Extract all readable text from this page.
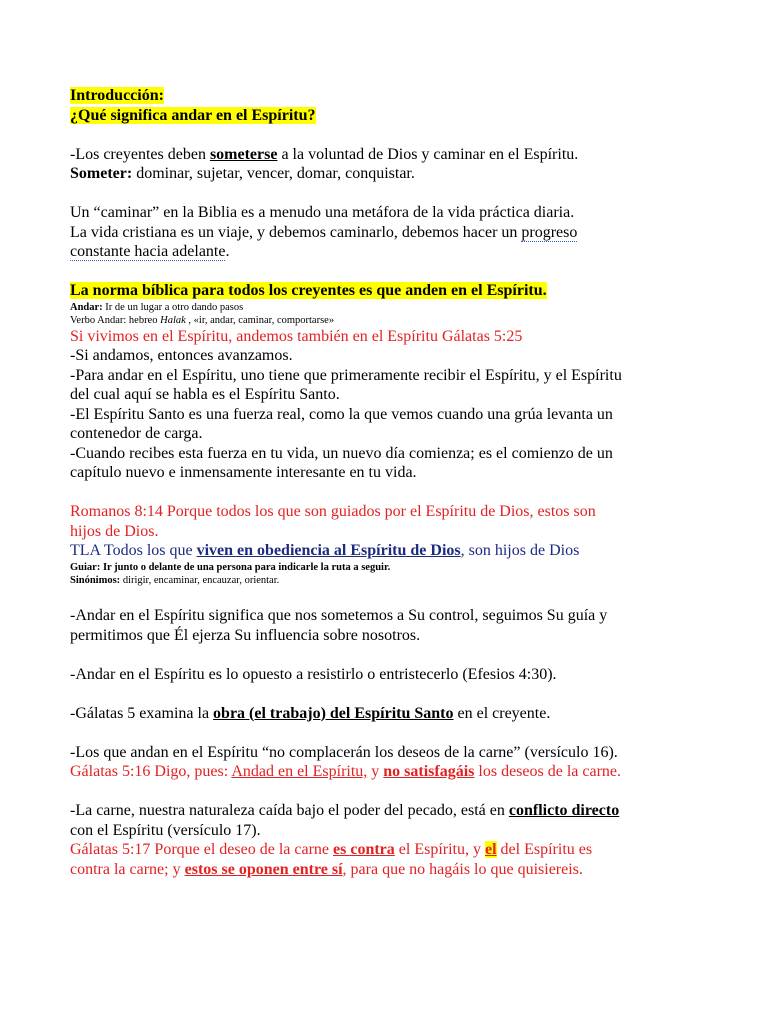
Introducción:

¿Qué significa andar en el Espíritu?

-Los creyentes deben someterse a la voluntad de Dios y caminar en el Espíritu.

Someter: dominar, sujetar, vencer, domar, conquistar.

Un “caminar” en la Biblia es a menudo una metáfora de la vida práctica diaria.

La vida cristiana es un viaje, y debemos caminarlo, debemos hacer un progreso

constante hacia adelante.

La norma bíblica para todos los creyentes es que anden en el Espíritu.

Andar: Ir de un lugar a otro dando pasos

Verbo Andar: hebreo Halak , «ir, andar, caminar, comportarse»

Si vivimos en el Espíritu, andemos también en el Espíritu Gálatas 5:25

-Si andamos, entonces avanzamos.

-Para andar en el Espíritu, uno tiene que primeramente recibir el Espíritu, y el Espíritu

del cual aquí se habla es el Espíritu Santo.

-El Espíritu Santo es una fuerza real, como la que vemos cuando una grúa levanta un

contenedor de carga.

-Cuando recibes esta fuerza en tu vida, un nuevo día comienza; es el comienzo de un

capítulo nuevo e inmensamente interesante en tu vida.

Romanos 8:14 Porque todos los que son guiados por el Espíritu de Dios, estos son

hijos de Dios.

TLA Todos los que viven en obediencia al Espíritu de Dios, son hijos de Dios

Guiar: Ir junto o delante de una persona para indicarle la ruta a seguir.

Sinónimos: dirigir, encaminar, encauzar, orientar.

-Andar en el Espíritu significa que nos sometemos a Su control, seguimos Su guía y

permitimos que Él ejerza Su influencia sobre nosotros.

-Andar en el Espíritu es lo opuesto a resistirlo o entristecerlo (Efesios 4:30).

-Gálatas 5 examina la obra (el trabajo) del Espíritu Santo en el creyente.

-Los que andan en el Espíritu “no complacerán los deseos de la carne” (versículo 16).

Gálatas 5:16 Digo, pues: Andad en el Espíritu, y no satisfagáis los deseos de la carne.

-La carne, nuestra naturaleza caída bajo el poder del pecado, está en conflicto directo

con el Espíritu (versículo 17).

Gálatas 5:17 Porque el deseo de la carne es contra el Espíritu, y el del Espíritu es

contra la carne; y estos se oponen entre sí, para que no hagáis lo que quisiereis.
